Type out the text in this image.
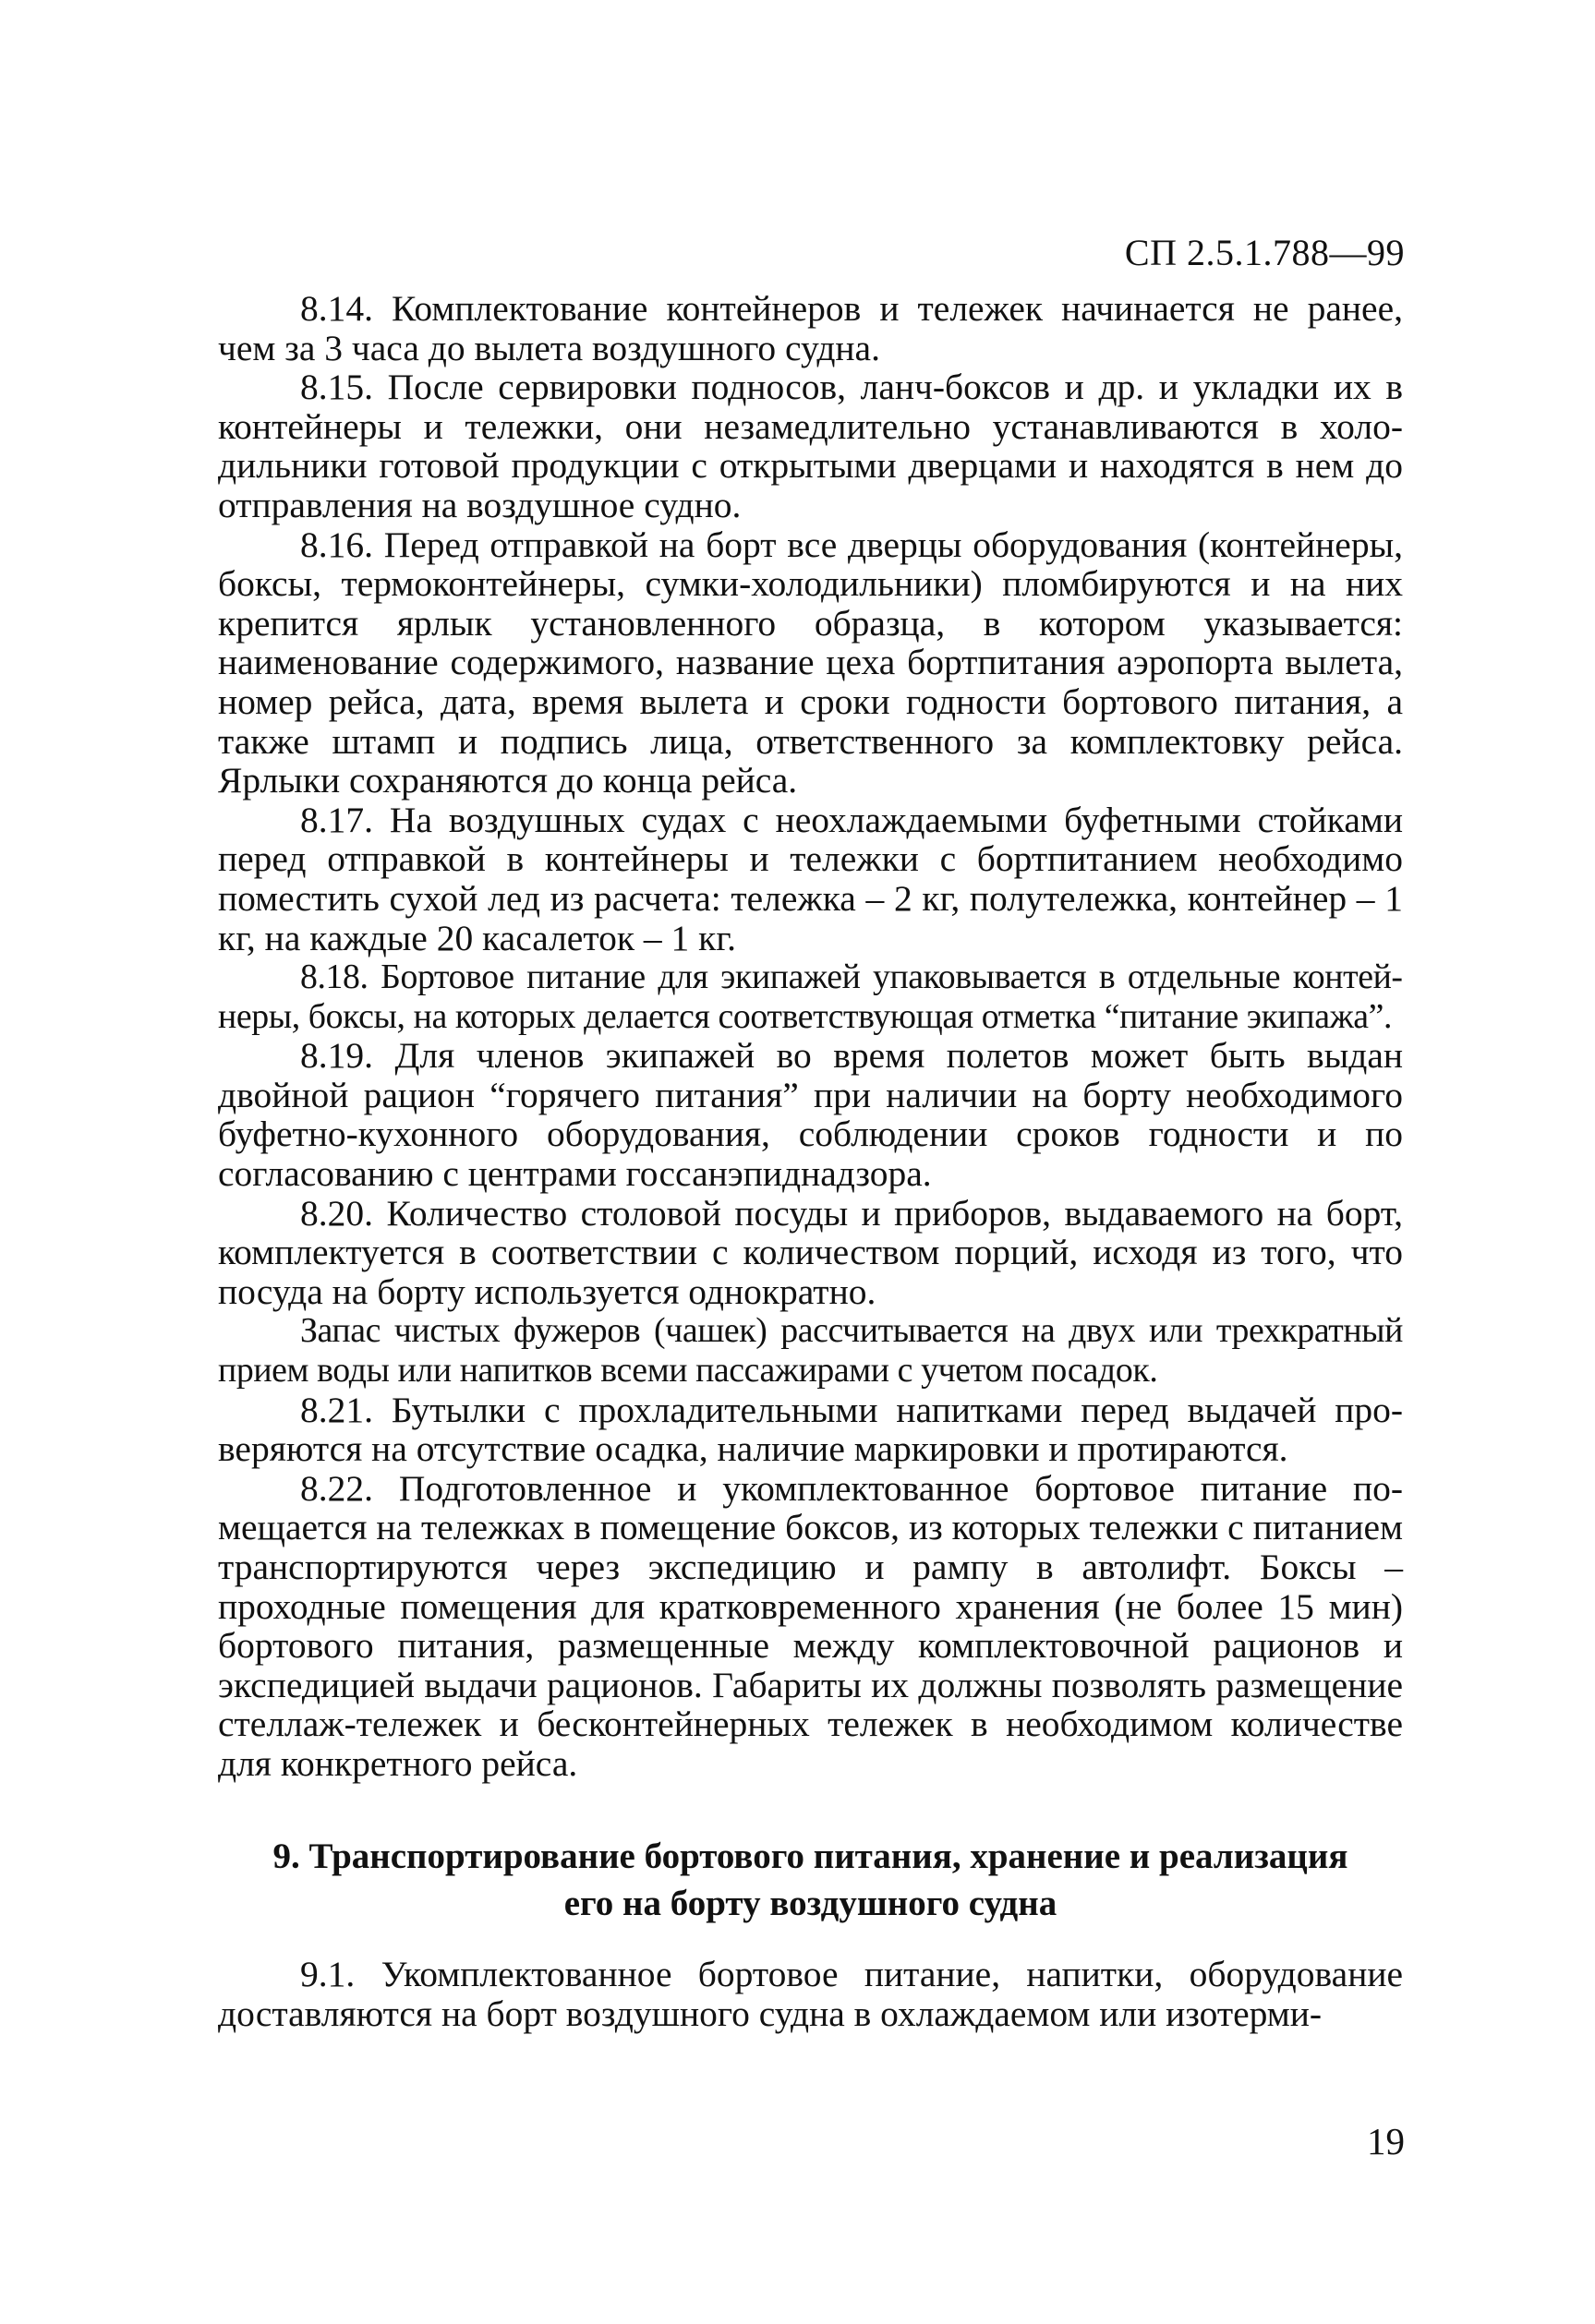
СП 2.5.1.788—99

8.14. Комплектование контейнеров и тележек начинается не ранее, чем за 3 часа до вылета воздушного судна.

8.15. После сервировки подносов, ланч-боксов и др. и укладки их в контейнеры и тележки, они незамедлительно устанавливаются в холодильники готовой продукции с открытыми дверцами и находятся в нем до отправления на воздушное судно.

8.16. Перед отправкой на борт все дверцы оборудования (контейнеры, боксы, термоконтейнеры, сумки-холодильники) пломбируются и на них крепится ярлык установленного образца, в котором указывается: наименование содержимого, название цеха бортпитания аэропорта вылета, номер рейса, дата, время вылета и сроки годности бортового питания, а также штамп и подпись лица, ответственного за комплектовку рейса. Ярлыки сохраняются до конца рейса.

8.17. На воздушных судах с неохлаждаемыми буфетными стойками перед отправкой в контейнеры и тележки с бортпитанием необходимо поместить сухой лед из расчета: тележка – 2 кг, полутележка, контейнер – 1 кг, на каждые 20 касалеток – 1 кг.

8.18. Бортовое питание для экипажей упаковывается в отдельные контейнеры, боксы, на которых делается соответствующая отметка “питание экипажа”.

8.19. Для членов экипажей во время полетов может быть выдан двойной рацион “горячего питания” при наличии на борту необходимого буфетно-кухонного оборудования, соблюдении сроков годности и по согласованию с центрами госсанэпиднадзора.

8.20. Количество столовой посуды и приборов, выдаваемого на борт, комплектуется в соответствии с количеством порций, исходя из того, что посуда на борту используется однократно.

Запас чистых фужеров (чашек) рассчитывается на двух или трехкратный прием воды или напитков всеми пассажирами с учетом посадок.

8.21. Бутылки с прохладительными напитками перед выдачей проверяются на отсутствие осадка, наличие маркировки и протираются.

8.22. Подготовленное и укомплектованное бортовое питание помещается на тележках в помещение боксов, из которых тележки с питанием транспортируются через экспедицию и рампу в автолифт. Боксы – проходные помещения для кратковременного хранения (не более 15 мин) бортового питания, размещенные между комплектовочной рационов и экспедицией выдачи рационов. Габариты их должны позволять размещение стеллаж-тележек и бесконтейнерных тележек в необходимом количестве для конкретного рейса.

9. Транспортирование бортового питания, хранение и реализация
его на борту воздушного судна

9.1. Укомплектованное бортовое питание, напитки, оборудование доставляются на борт воздушного судна в охлаждаемом или изотерми-

19
